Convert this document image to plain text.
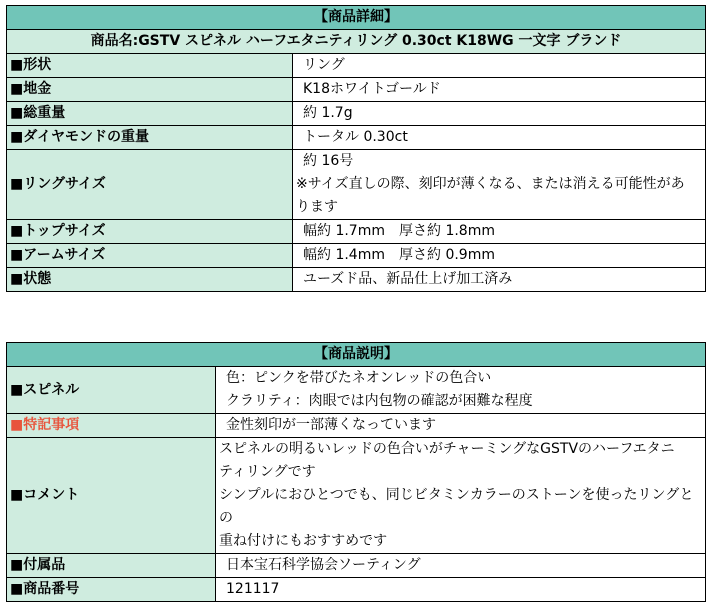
【商品詳細】	
商品名:GSTV スピネル ハーフエタニティリング 0.30ct K18WG 一文字 ブランド	
■形状	リング
■地金	K18ホワイトゴールド
■総重量	約 1.7g
■ダイヤモンドの重量	トータル 0.30ct
■リングサイズ	約 16号
※サイズ直しの際、刻印が薄くなる、または消える可能性があ
ります

■トップサイズ	幅約 1.7mm　厚さ約 1.8mm
■アームサイズ	幅約 1.4mm　厚さ約 0.9mm
■状態	ユーズド品、新品仕上げ加工済み
【商品説明】	
■スピネル	色：ピンクを帯びたネオンレッドの色合い
クラリティ：肉眼では内包物の確認が困難な程度

■特記事項	金性刻印が一部薄くなっています
■コメント	スピネルの明るいレッドの色合いがチャーミングなGSTVのハーフエタニ
ティリングです
シンプルにおひとつでも、同じビタミンカラーのストーンを使ったリングとの
重ね付けにもおすすめです

■付属品	日本宝石科学協会ソーティング
■商品番号	121117
